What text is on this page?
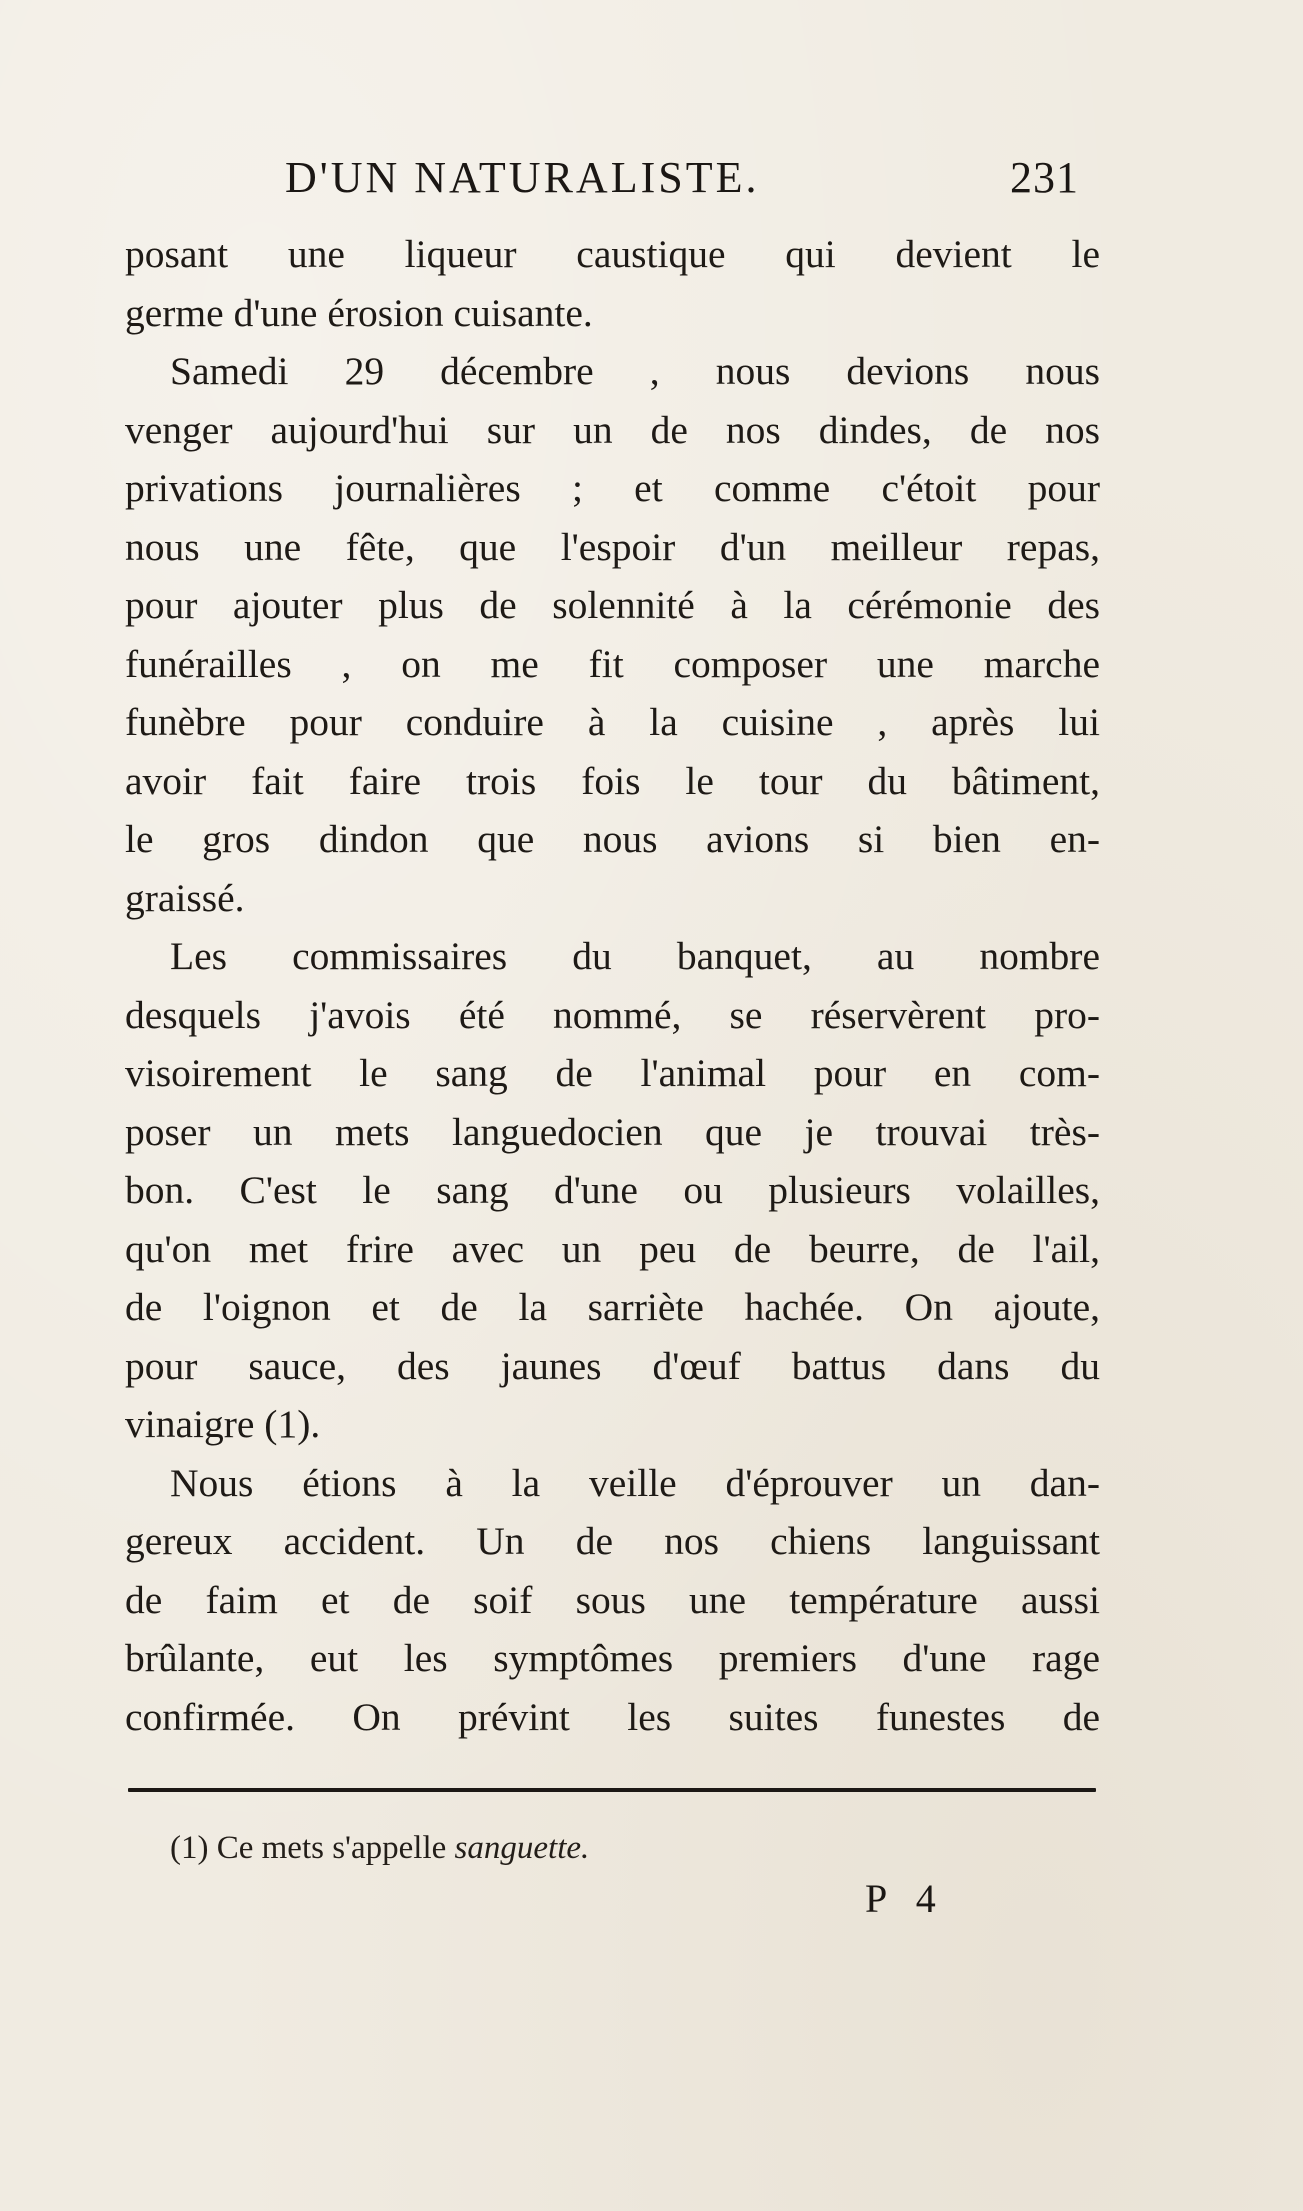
D'UN NATURALISTE.	231
posant une liqueur caustique qui devient le
germe d'une érosion cuisante.
Samedi 29 décembre , nous devions nous
venger aujourd'hui sur un de nos dindes, de nos
privations journalières ; et comme c'étoit pour
nous une fête, que l'espoir d'un meilleur repas,
pour ajouter plus de solennité à la cérémonie des
funérailles , on me fit composer une marche
funèbre pour conduire à la cuisine , après lui
avoir fait faire trois fois le tour du bâtiment,
le gros dindon que nous avions si bien en-
graissé.
Les commissaires du banquet, au nombre
desquels j'avois été nommé, se réservèrent pro-
visoirement le sang de l'animal pour en com-
poser un mets languedocien que je trouvai très-
bon. C'est le sang d'une ou plusieurs volailles,
qu'on met frire avec un peu de beurre, de l'ail,
de l'oignon et de la sarriète hachée. On ajoute,
pour sauce, des jaunes d'œuf battus dans du
vinaigre (1).
Nous étions à la veille d'éprouver un dan-
gereux accident. Un de nos chiens languissant
de faim et de soif sous une température aussi
brûlante, eut les symptômes premiers d'une rage
confirmée. On prévint les suites funestes de
(1) Ce mets s'appelle sanguette.
P 4
